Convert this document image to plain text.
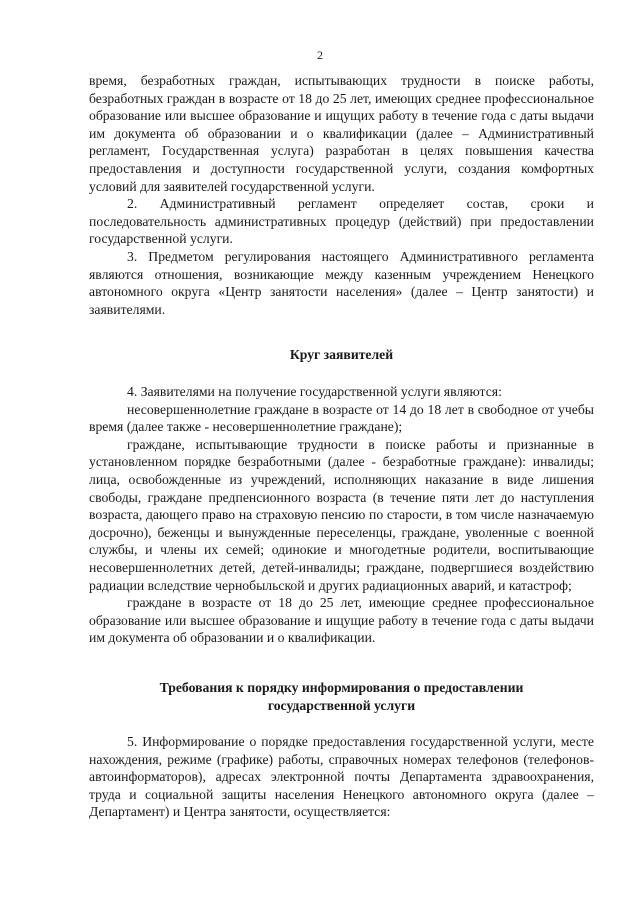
2

время, безработных граждан, испытывающих трудности в поиске работы, безработных граждан в возрасте от 18 до 25 лет, имеющих среднее профессиональное образование или высшее образование и ищущих работу в течение года с даты выдачи им документа об образовании и о квалификации (далее – Административный регламент, Государственная услуга) разработан в целях повышения качества предоставления и доступности государственной услуги, создания комфортных условий для заявителей государственной услуги.

2. Административный регламент определяет состав, сроки и последовательность административных процедур (действий) при предоставлении государственной услуги.

3. Предметом регулирования настоящего Административного регламента являются отношения, возникающие между казенным учреждением Ненецкого автономного округа «Центр занятости населения» (далее – Центр занятости) и заявителями.

Круг заявителей

4. Заявителями на получение государственной услуги являются:

несовершеннолетние граждане в возрасте от 14 до 18 лет в свободное от учебы время (далее также - несовершеннолетние граждане);

граждане, испытывающие трудности в поиске работы и признанные в установленном порядке безработными (далее - безработные граждане): инвалиды; лица, освобожденные из учреждений, исполняющих наказание в виде лишения свободы, граждане предпенсионного возраста (в течение пяти лет до наступления возраста, дающего право на страховую пенсию по старости, в том числе назначаемую досрочно), беженцы и вынужденные переселенцы, граждане, уволенные с военной службы, и члены их семей; одинокие и многодетные родители, воспитывающие несовершеннолетних детей, детей-инвалиды; граждане, подвергшиеся воздействию радиации вследствие чернобыльской и других радиационных аварий, и катастроф;

граждане в возрасте от 18 до 25 лет, имеющие среднее профессиональное образование или высшее образование и ищущие работу в течение года с даты выдачи им документа об образовании и о квалификации.

Требования к порядку информирования о предоставлении

государственной услуги

5. Информирование о порядке предоставления государственной услуги, месте нахождения, режиме (графике) работы, справочных номерах телефонов (телефонов-автоинформаторов), адресах электронной почты Департамента здравоохранения, труда и социальной защиты населения Ненецкого автономного округа (далее – Департамент) и Центра занятости, осуществляется:
